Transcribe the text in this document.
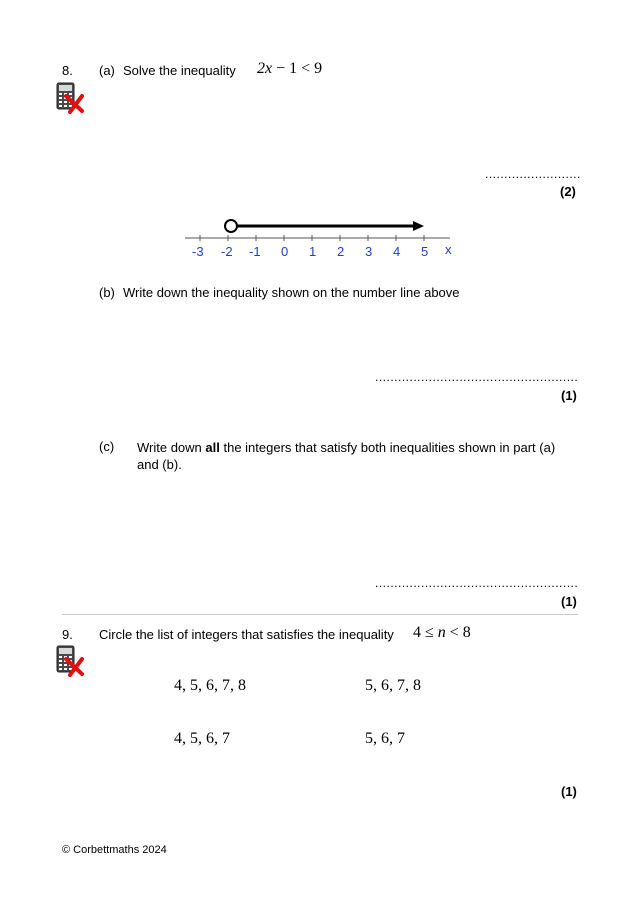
8. (a) Solve the inequality 2x − 1 < 9
.........................
(2)
-3 -2 -1 0 1 2 3 4 5 x
(b) Write down the inequality shown on the number line above
.....................................................
(1)
(c) Write down all the integers that satisfy both inequalities shown in part (a)
and (b).
.....................................................
(1)
9. Circle the list of integers that satisfies the inequality 4 ≤ n < 8
4, 5, 6, 7, 8	5, 6, 7, 8
4, 5, 6, 7	5, 6, 7
(1)
© Corbettmaths 2024
